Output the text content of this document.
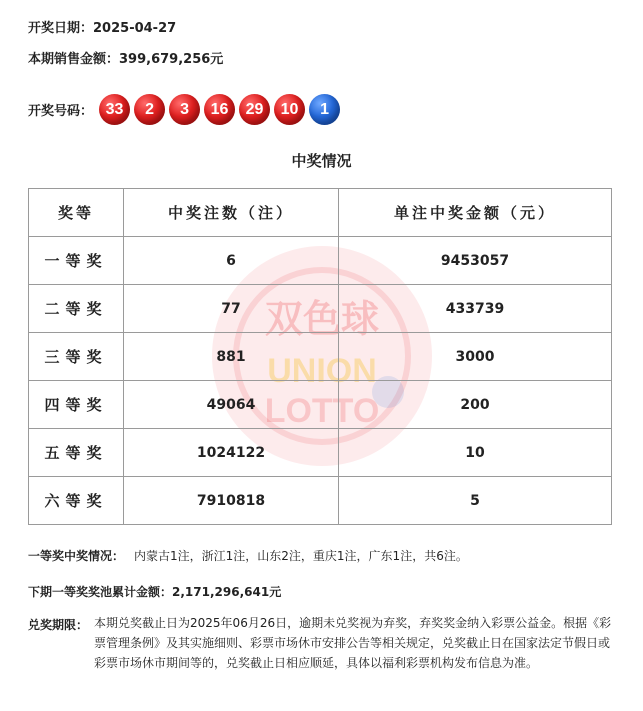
开奖日期：2025-04-27
本期销售金额：399,679,256元
开奖号码： 33	2	3	16	29	10	1
中奖情况
双色球
UNION
LOTTO
奖等	中奖注数（注）	单注中奖金额（元）
一等奖	6	9453057
二等奖	77	433739
三等奖	881	3000
四等奖	49064	200
五等奖	1024122	10
六等奖	7910818	5
一等奖中奖情况： 内蒙古1注，浙江1注，山东2注，重庆1注，广东1注，共6注。
下期一等奖奖池累计金额：2,171,296,641元
兑奖期限： 本期兑奖截止日为2025年06月26日，逾期未兑奖视为弃奖，弃奖奖金纳入彩票公益金。根据《彩票管理条例》及其实施细则、彩票市场休市安排公告等相关规定，兑奖截止日在国家法定节假日或彩票市场休市期间等的，兑奖截止日相应顺延，具体以福利彩票机构发布信息为准。
